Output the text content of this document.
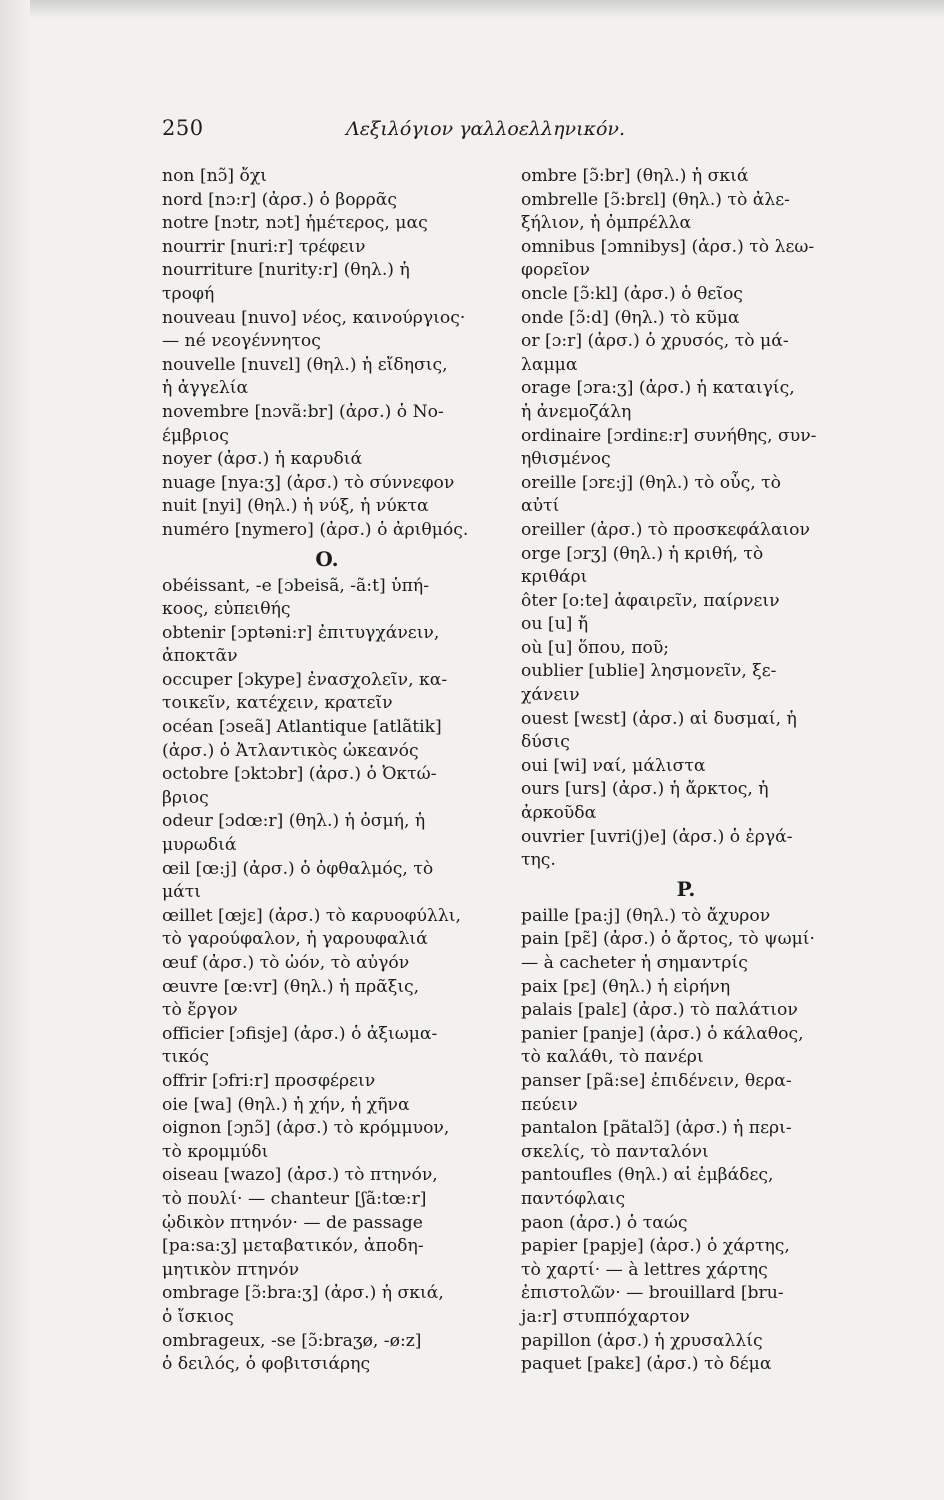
250	Λεξιλόγιον γαλλοελληνικόν.
non [nɔ̃] ὄχι
nord [nɔ:r] (ἀρσ.) ὁ βορρᾶς
notre [nɔtr, nɔt] ἡμέτερος, μας
nourrir [nuri:r] τρέφειν
nourriture [nurity:r] (θηλ.) ἡ
τροφή
nouveau [nuvo] νέος, καινούργιος·
— né νεογέννητος
nouvelle [nuvɛl] (θηλ.) ἡ εἴδησις,
ἡ ἀγγελία
novembre [nɔvã:br] (ἀρσ.) ὁ Νο-
έμβριος
noyer (ἀρσ.) ἡ καρυδιά
nuage [nya:ʒ] (ἀρσ.) τὸ σύννεφον
nuit [nyi] (θηλ.) ἡ νύξ, ἡ νύκτα
numéro [nymero] (ἀρσ.) ὁ ἀριθμός.
O.
obéissant, -e [ɔbeisã, -ã:t] ὑπή-
κοος, εὐπειθής
obtenir [ɔptəni:r] ἐπιτυγχάνειν,
ἀποκτᾶν
occuper [ɔkype] ἐνασχολεῖν, κα-
τοικεῖν, κατέχειν, κρατεῖν
océan [ɔseã] Atlantique [atlãtik]
(ἀρσ.) ὁ Ἀτλαντικὸς ὠκεανός
octobre [ɔktɔbr] (ἀρσ.) ὁ Ὀκτώ-
βριος
odeur [ɔdœ:r] (θηλ.) ἡ ὀσμή, ἡ
μυρωδιά
œil [œ:j] (ἀρσ.) ὁ ὀφθαλμός, τὸ
μάτι
œillet [œjɛ] (ἀρσ.) τὸ καρυοφύλλι,
τὸ γαρούφαλον, ἡ γαρουφαλιά
œuf (ἀρσ.) τὸ ὠόν, τὸ αὐγόν
œuvre [œ:vr] (θηλ.) ἡ πρᾶξις,
τὸ ἔργον
officier [ɔfisje] (ἀρσ.) ὁ ἀξιωμα-
τικός
offrir [ɔfri:r] προσφέρειν
oie [wa] (θηλ.) ἡ χήν, ἡ χῆνα
oignon [ɔɲɔ̃] (ἀρσ.) τὸ κρόμμυον,
τὸ κρομμύδι
oiseau [wazo] (ἀρσ.) τὸ πτηνόν,
τὸ πουλί· — chanteur [ʃã:tœ:r]
ᾠδικὸν πτηνόν· — de passage
[pa:sa:ʒ] μεταβατικόν, ἀποδη-
μητικὸν πτηνόν
ombrage [ɔ̃:bra:ʒ] (ἀρσ.) ἡ σκιά,
ὁ ἴσκιος
ombrageux, -se [ɔ̃:braʒø, -ø:z]
ὁ δειλός, ὁ φοβιτσιάρης
ombre [ɔ̃:br] (θηλ.) ἡ σκιά
ombrelle [ɔ̃:brɛl] (θηλ.) τὸ ἀλε-
ξήλιον, ἡ ὀμπρέλλα
omnibus [ɔmnibys] (ἀρσ.) τὸ λεω-
φορεῖον
oncle [ɔ̃:kl] (ἀρσ.) ὁ θεῖος
onde [ɔ̃:d] (θηλ.) τὸ κῦμα
or [ɔ:r] (ἀρσ.) ὁ χρυσός, τὸ μά-
λαμμα
orage [ɔra:ʒ] (ἀρσ.) ἡ καταιγίς,
ἡ ἀνεμοζάλη
ordinaire [ɔrdinɛ:r] συνήθης, συν-
ηθισμένος
oreille [ɔrɛ:j] (θηλ.) τὸ οὖς, τὸ
αὐτί
oreiller (ἀρσ.) τὸ προσκεφάλαιον
orge [ɔrʒ] (θηλ.) ἡ κριθή, τὸ
κριθάρι
ôter [o:te] ἀφαιρεῖν, παίρνειν
ou [u] ἤ
où [u] ὅπου, ποῦ;
oublier [ublie] λησμονεῖν, ξε-
χάνειν
ouest [wɛst] (ἀρσ.) αἱ δυσμαί, ἡ
δύσις
oui [wi] ναί, μάλιστα
ours [urs] (ἀρσ.) ἡ ἄρκτος, ἡ
ἀρκοῦδα
ouvrier [uvri(j)e] (ἀρσ.) ὁ ἐργά-
της.
P.
paille [pa:j] (θηλ.) τὸ ἄχυρον
pain [pɛ̃] (ἀρσ.) ὁ ἄρτος, τὸ ψωμί·
— à cacheter ἡ σημαντρίς
paix [pɛ] (θηλ.) ἡ εἰρήνη
palais [palɛ] (ἀρσ.) τὸ παλάτιον
panier [panje] (ἀρσ.) ὁ κάλαθος,
τὸ καλάθι, τὸ πανέρι
panser [pã:se] ἐπιδένειν, θερα-
πεύειν
pantalon [pãtalɔ̃] (ἀρσ.) ἡ περι-
σκελίς, τὸ πανταλόνι
pantoufles (θηλ.) αἱ ἐμβάδες,
παντόφλαις
paon (ἀρσ.) ὁ ταώς
papier [papje] (ἀρσ.) ὁ χάρτης,
τὸ χαρτί· — à lettres χάρτης
ἐπιστολῶν· — brouillard [bru-
ja:r] στυππόχαρτον
papillon (ἀρσ.) ἡ χρυσαλλίς
paquet [pakɛ] (ἀρσ.) τὸ δέμα
